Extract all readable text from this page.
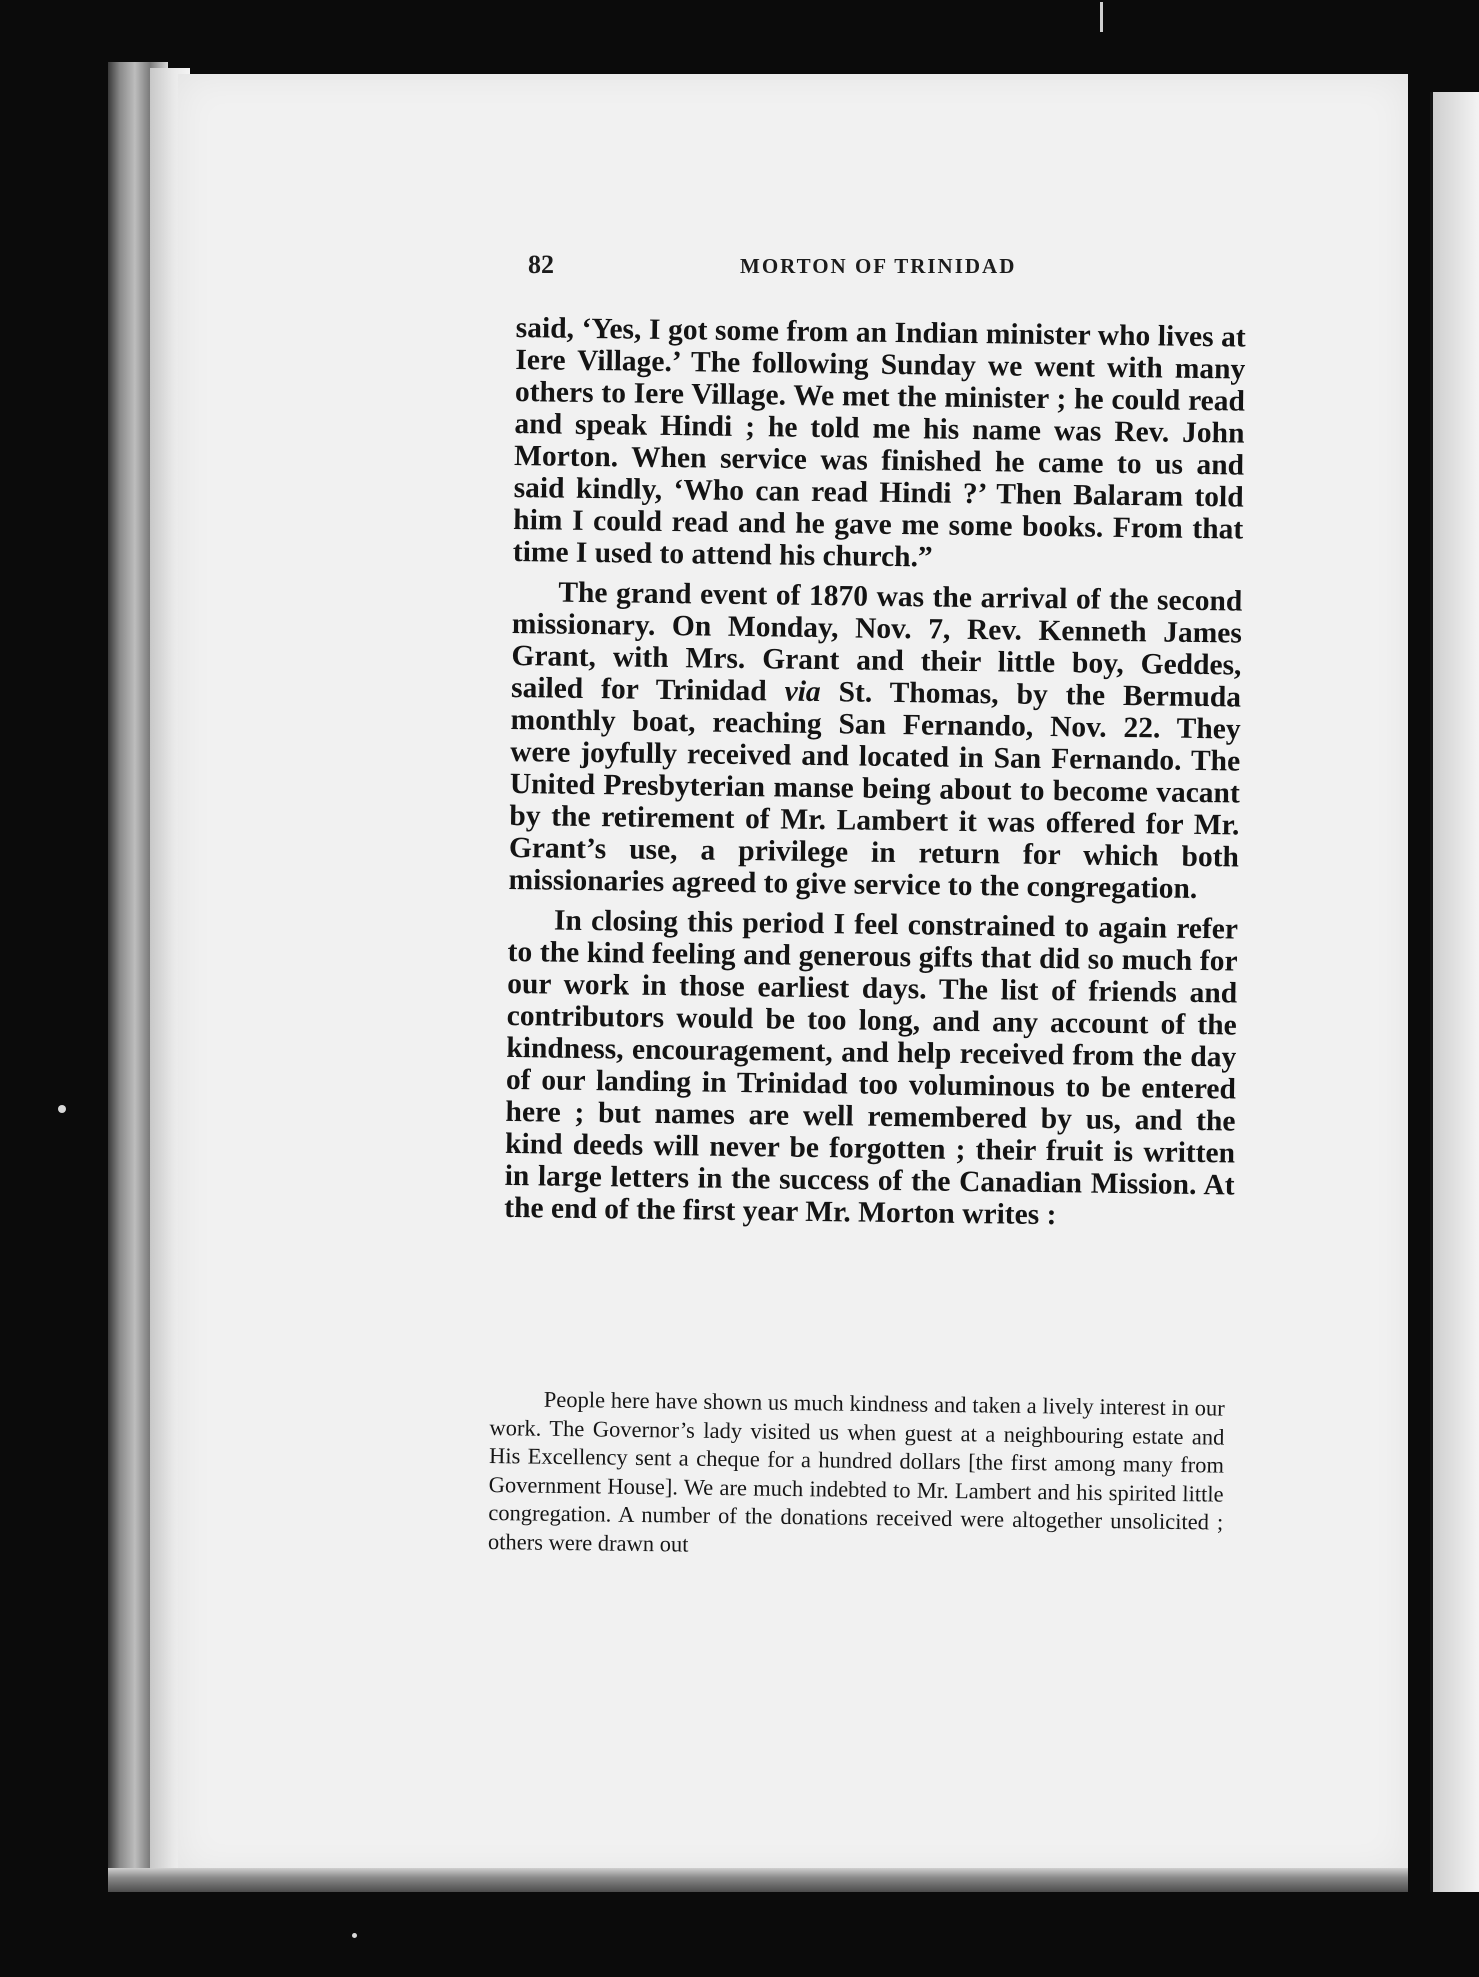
82	MORTON OF TRINIDAD

said, ‘Yes, I got some from an Indian minister who lives at Iere Village.’ The following Sunday we went with many others to Iere Village. We met the minister ; he could read and speak Hindi ; he told me his name was Rev. John Morton. When service was finished he came to us and said kindly, ‘Who can read Hindi ?’ Then Balaram told him I could read and he gave me some books. From that time I used to attend his church.”

The grand event of 1870 was the arrival of the second missionary. On Monday, Nov. 7, Rev. Kenneth James Grant, with Mrs. Grant and their little boy, Geddes, sailed for Trinidad via St. Thomas, by the Bermuda monthly boat, reaching San Fernando, Nov. 22. They were joyfully received and located in San Fernando. The United Presbyterian manse being about to become vacant by the retirement of Mr. Lambert it was offered for Mr. Grant’s use, a privilege in return for which both missionaries agreed to give service to the congregation.

In closing this period I feel constrained to again refer to the kind feeling and generous gifts that did so much for our work in those earliest days. The list of friends and contributors would be too long, and any account of the kindness, encouragement, and help received from the day of our landing in Trinidad too voluminous to be entered here ; but names are well remembered by us, and the kind deeds will never be forgotten ; their fruit is written in large letters in the success of the Canadian Mission. At the end of the first year Mr. Morton writes :

People here have shown us much kindness and taken a lively interest in our work. The Governor’s lady visited us when guest at a neighbouring estate and His Excellency sent a cheque for a hundred dollars [the first among many from Government House]. We are much indebted to Mr. Lambert and his spirited little congregation. A number of the donations received were altogether unsolicited ; others were drawn out
